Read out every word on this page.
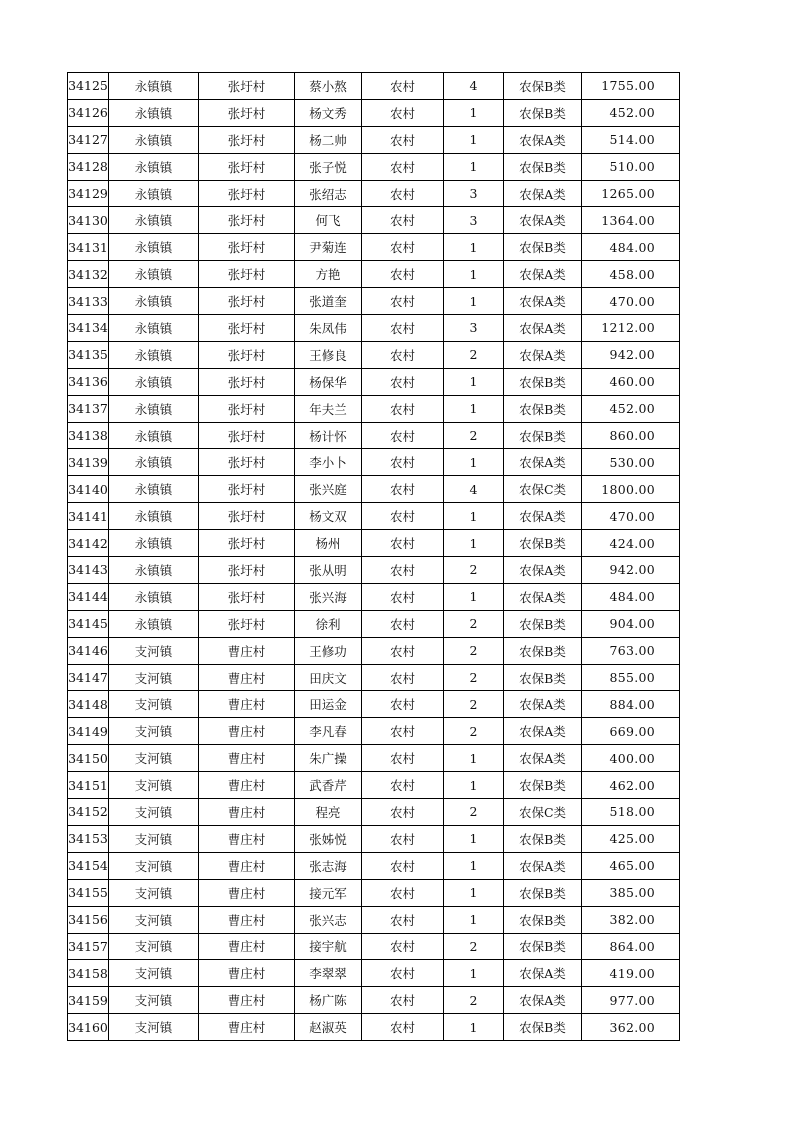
34125	永镇镇	张圩村	蔡小熬	农村	4	农保B类	1755.00
34126	永镇镇	张圩村	杨文秀	农村	1	农保B类	452.00
34127	永镇镇	张圩村	杨二帅	农村	1	农保A类	514.00
34128	永镇镇	张圩村	张子悦	农村	1	农保B类	510.00
34129	永镇镇	张圩村	张绍志	农村	3	农保A类	1265.00
34130	永镇镇	张圩村	何飞	农村	3	农保A类	1364.00
34131	永镇镇	张圩村	尹菊连	农村	1	农保B类	484.00
34132	永镇镇	张圩村	方艳	农村	1	农保A类	458.00
34133	永镇镇	张圩村	张道奎	农村	1	农保A类	470.00
34134	永镇镇	张圩村	朱凤伟	农村	3	农保A类	1212.00
34135	永镇镇	张圩村	王修良	农村	2	农保A类	942.00
34136	永镇镇	张圩村	杨保华	农村	1	农保B类	460.00
34137	永镇镇	张圩村	年夫兰	农村	1	农保B类	452.00
34138	永镇镇	张圩村	杨计怀	农村	2	农保B类	860.00
34139	永镇镇	张圩村	李小卜	农村	1	农保A类	530.00
34140	永镇镇	张圩村	张兴庭	农村	4	农保C类	1800.00
34141	永镇镇	张圩村	杨文双	农村	1	农保A类	470.00
34142	永镇镇	张圩村	杨州	农村	1	农保B类	424.00
34143	永镇镇	张圩村	张从明	农村	2	农保A类	942.00
34144	永镇镇	张圩村	张兴海	农村	1	农保A类	484.00
34145	永镇镇	张圩村	徐利	农村	2	农保B类	904.00
34146	支河镇	曹庄村	王修功	农村	2	农保B类	763.00
34147	支河镇	曹庄村	田庆文	农村	2	农保B类	855.00
34148	支河镇	曹庄村	田运金	农村	2	农保A类	884.00
34149	支河镇	曹庄村	李凡春	农村	2	农保A类	669.00
34150	支河镇	曹庄村	朱广操	农村	1	农保A类	400.00
34151	支河镇	曹庄村	武香芹	农村	1	农保B类	462.00
34152	支河镇	曹庄村	程亮	农村	2	农保C类	518.00
34153	支河镇	曹庄村	张姊悦	农村	1	农保B类	425.00
34154	支河镇	曹庄村	张志海	农村	1	农保A类	465.00
34155	支河镇	曹庄村	接元军	农村	1	农保B类	385.00
34156	支河镇	曹庄村	张兴志	农村	1	农保B类	382.00
34157	支河镇	曹庄村	接宇航	农村	2	农保B类	864.00
34158	支河镇	曹庄村	李翠翠	农村	1	农保A类	419.00
34159	支河镇	曹庄村	杨广陈	农村	2	农保A类	977.00
34160	支河镇	曹庄村	赵淑英	农村	1	农保B类	362.00
